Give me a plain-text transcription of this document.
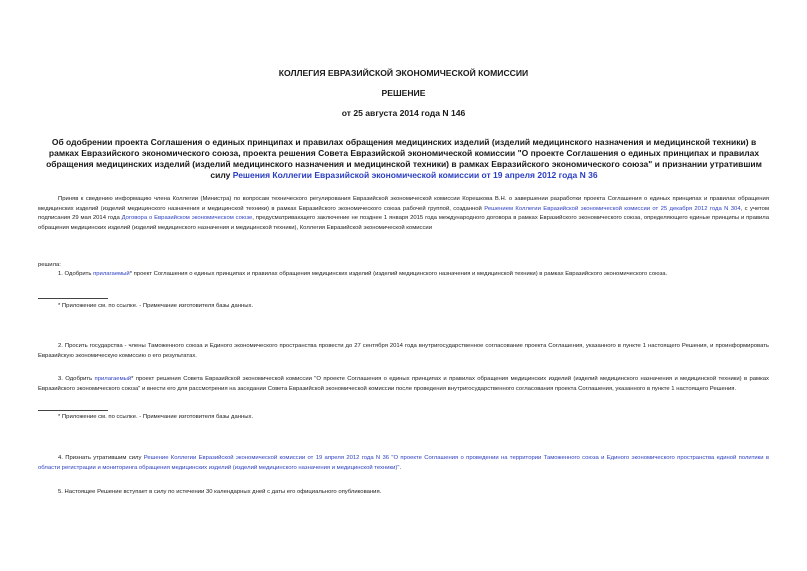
КОЛЛЕГИЯ ЕВРАЗИЙСКОЙ ЭКОНОМИЧЕСКОЙ КОМИССИИ
РЕШЕНИЕ
от 25 августа 2014 года N 146
Об одобрении проекта Соглашения о единых принципах и правилах обращения медицинских изделий (изделий медицинского назначения и медицинской техники) в рамках Евразийского экономического союза, проекта решения Совета Евразийской экономической комиссии "О проекте Соглашения о единых принципах и правилах обращения медицинских изделий (изделий медицинского назначения и медицинской техники) в рамках Евразийского экономического союза" и признании утратившим силу Решения Коллегии Евразийской экономической комиссии от 19 апреля 2012 года N 36
Приняв к сведению информацию члена Коллегии (Министра) по вопросам технического регулирования Евразийской экономической комиссии Корешкова В.Н. о завершении разработки проекта Соглашения о единых принципах и правилах обращения медицинских изделий (изделий медицинского назначения и медицинской техники) в рамках Евразийского экономического союза рабочей группой, созданной Решением Коллегии Евразийской экономической комиссии от 25 декабря 2012 года N 304, с учетом подписания 29 мая 2014 года Договора о Евразийском экономическом союзе, предусматривающего заключение не позднее 1 января 2015 года международного договора в рамках Евразийского экономического союза, определяющего единые принципы и правила обращения медицинских изделий (изделий медицинского назначения и медицинской техники), Коллегия Евразийской экономической комиссии
решила:
1. Одобрить прилагаемый* проект Соглашения о единых принципах и правилах обращения медицинских изделий (изделий медицинского назначения и медицинской техники) в рамках Евразийского экономического союза.
* Приложение см. по ссылке. - Примечание изготовителя базы данных.
2. Просить государства - члены Таможенного союза и Единого экономического пространства провести до 27 сентября 2014 года внутригосударственное согласование проекта Соглашения, указанного в пункте 1 настоящего Решения, и проинформировать Евразийскую экономическую комиссию о его результатах.
3. Одобрить прилагаемый* проект решения Совета Евразийской экономической комиссии "О проекте Соглашения о единых принципах и правилах обращения медицинских изделий (изделий медицинского назначения и медицинской техники) в рамках Евразийского экономического союза" и внести его для рассмотрения на заседании Совета Евразийской экономической комиссии после проведения внутригосударственного согласования проекта Соглашения, указанного в пункте 1 настоящего Решения.
* Приложение см. по ссылке. - Примечание изготовителя базы данных.
4. Признать утратившим силу Решение Коллегии Евразийской экономической комиссии от 19 апреля 2012 года N 36 "О проекте Соглашения о проведении на территории Таможенного союза и Единого экономического пространства единой политики в области регистрации и мониторинга обращения медицинских изделий (изделий медицинского назначения и медицинской техники)".
5. Настоящее Решение вступает в силу по истечении 30 календарных дней с даты его официального опубликования.
